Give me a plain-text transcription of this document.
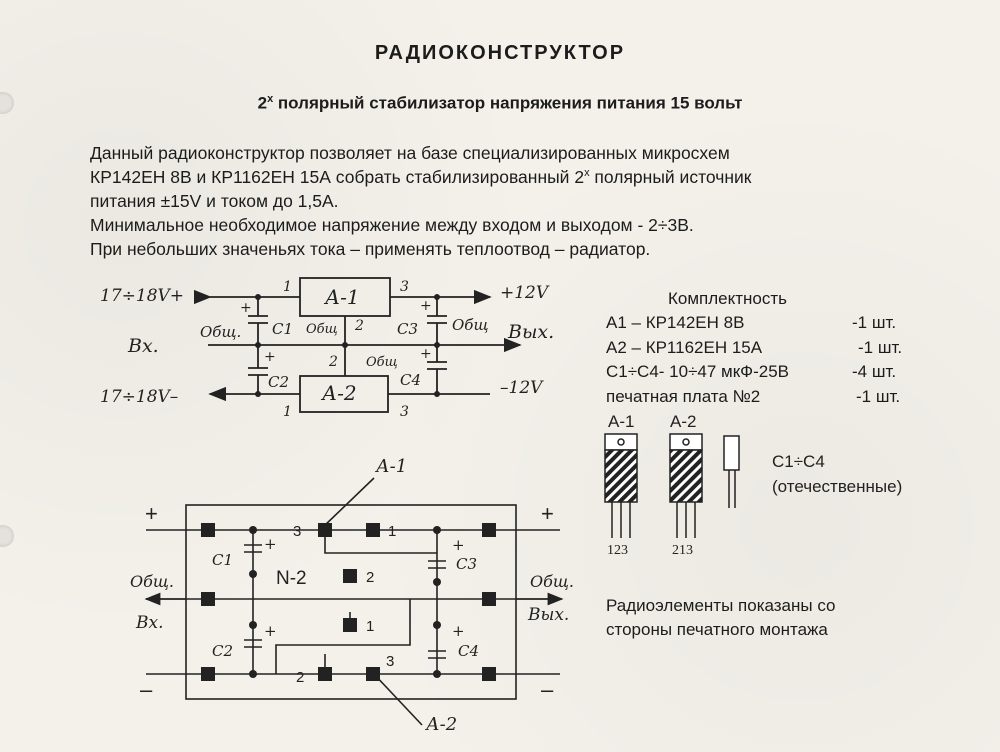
РАДИОКОНСТРУКТОР
$2^х$ полярный стабилизатор напряжения питания 15 вольт
Данный радиоконструктор позволяет на базе специализированных микросхем
КР142ЕН 8В и КР1162ЕН 15А собрать стабилизированный $2^х$ полярный источник
питания ±15V и током до 1,5А.
Минимальное необходимое напряжение между входом и выходом - 2÷3В.
При небольших значеньях тока – применять теплоотвод – радиатор.
Комплектность
А1 – КР142ЕН 8В	-1 шт.
А2 – КР1162ЕН 15А	-1 шт.
С1÷С4- 10÷47 мкФ-25В	-4 шт.
печатная плата №2	-1 шт.
Радиоэлементы показаны со
стороны печатного монтажа
17÷18V+
17÷18V–
+12V
–12V
Вх.
Вых.
Общ.	Общ
Общ
Общ
А-1
А-2
С1
С2
С3
С4
1	3
2
2
1	3
+
+
+
+
А-1 А-2
123	213
С1÷С4
(отечественные)
А-1
А-2
Общ.	Общ.
Вх.	Вых.
С1
С2
С3
С4
+
+
+
+
N-2
+	+
–	–
3	1
2
1
2
3
